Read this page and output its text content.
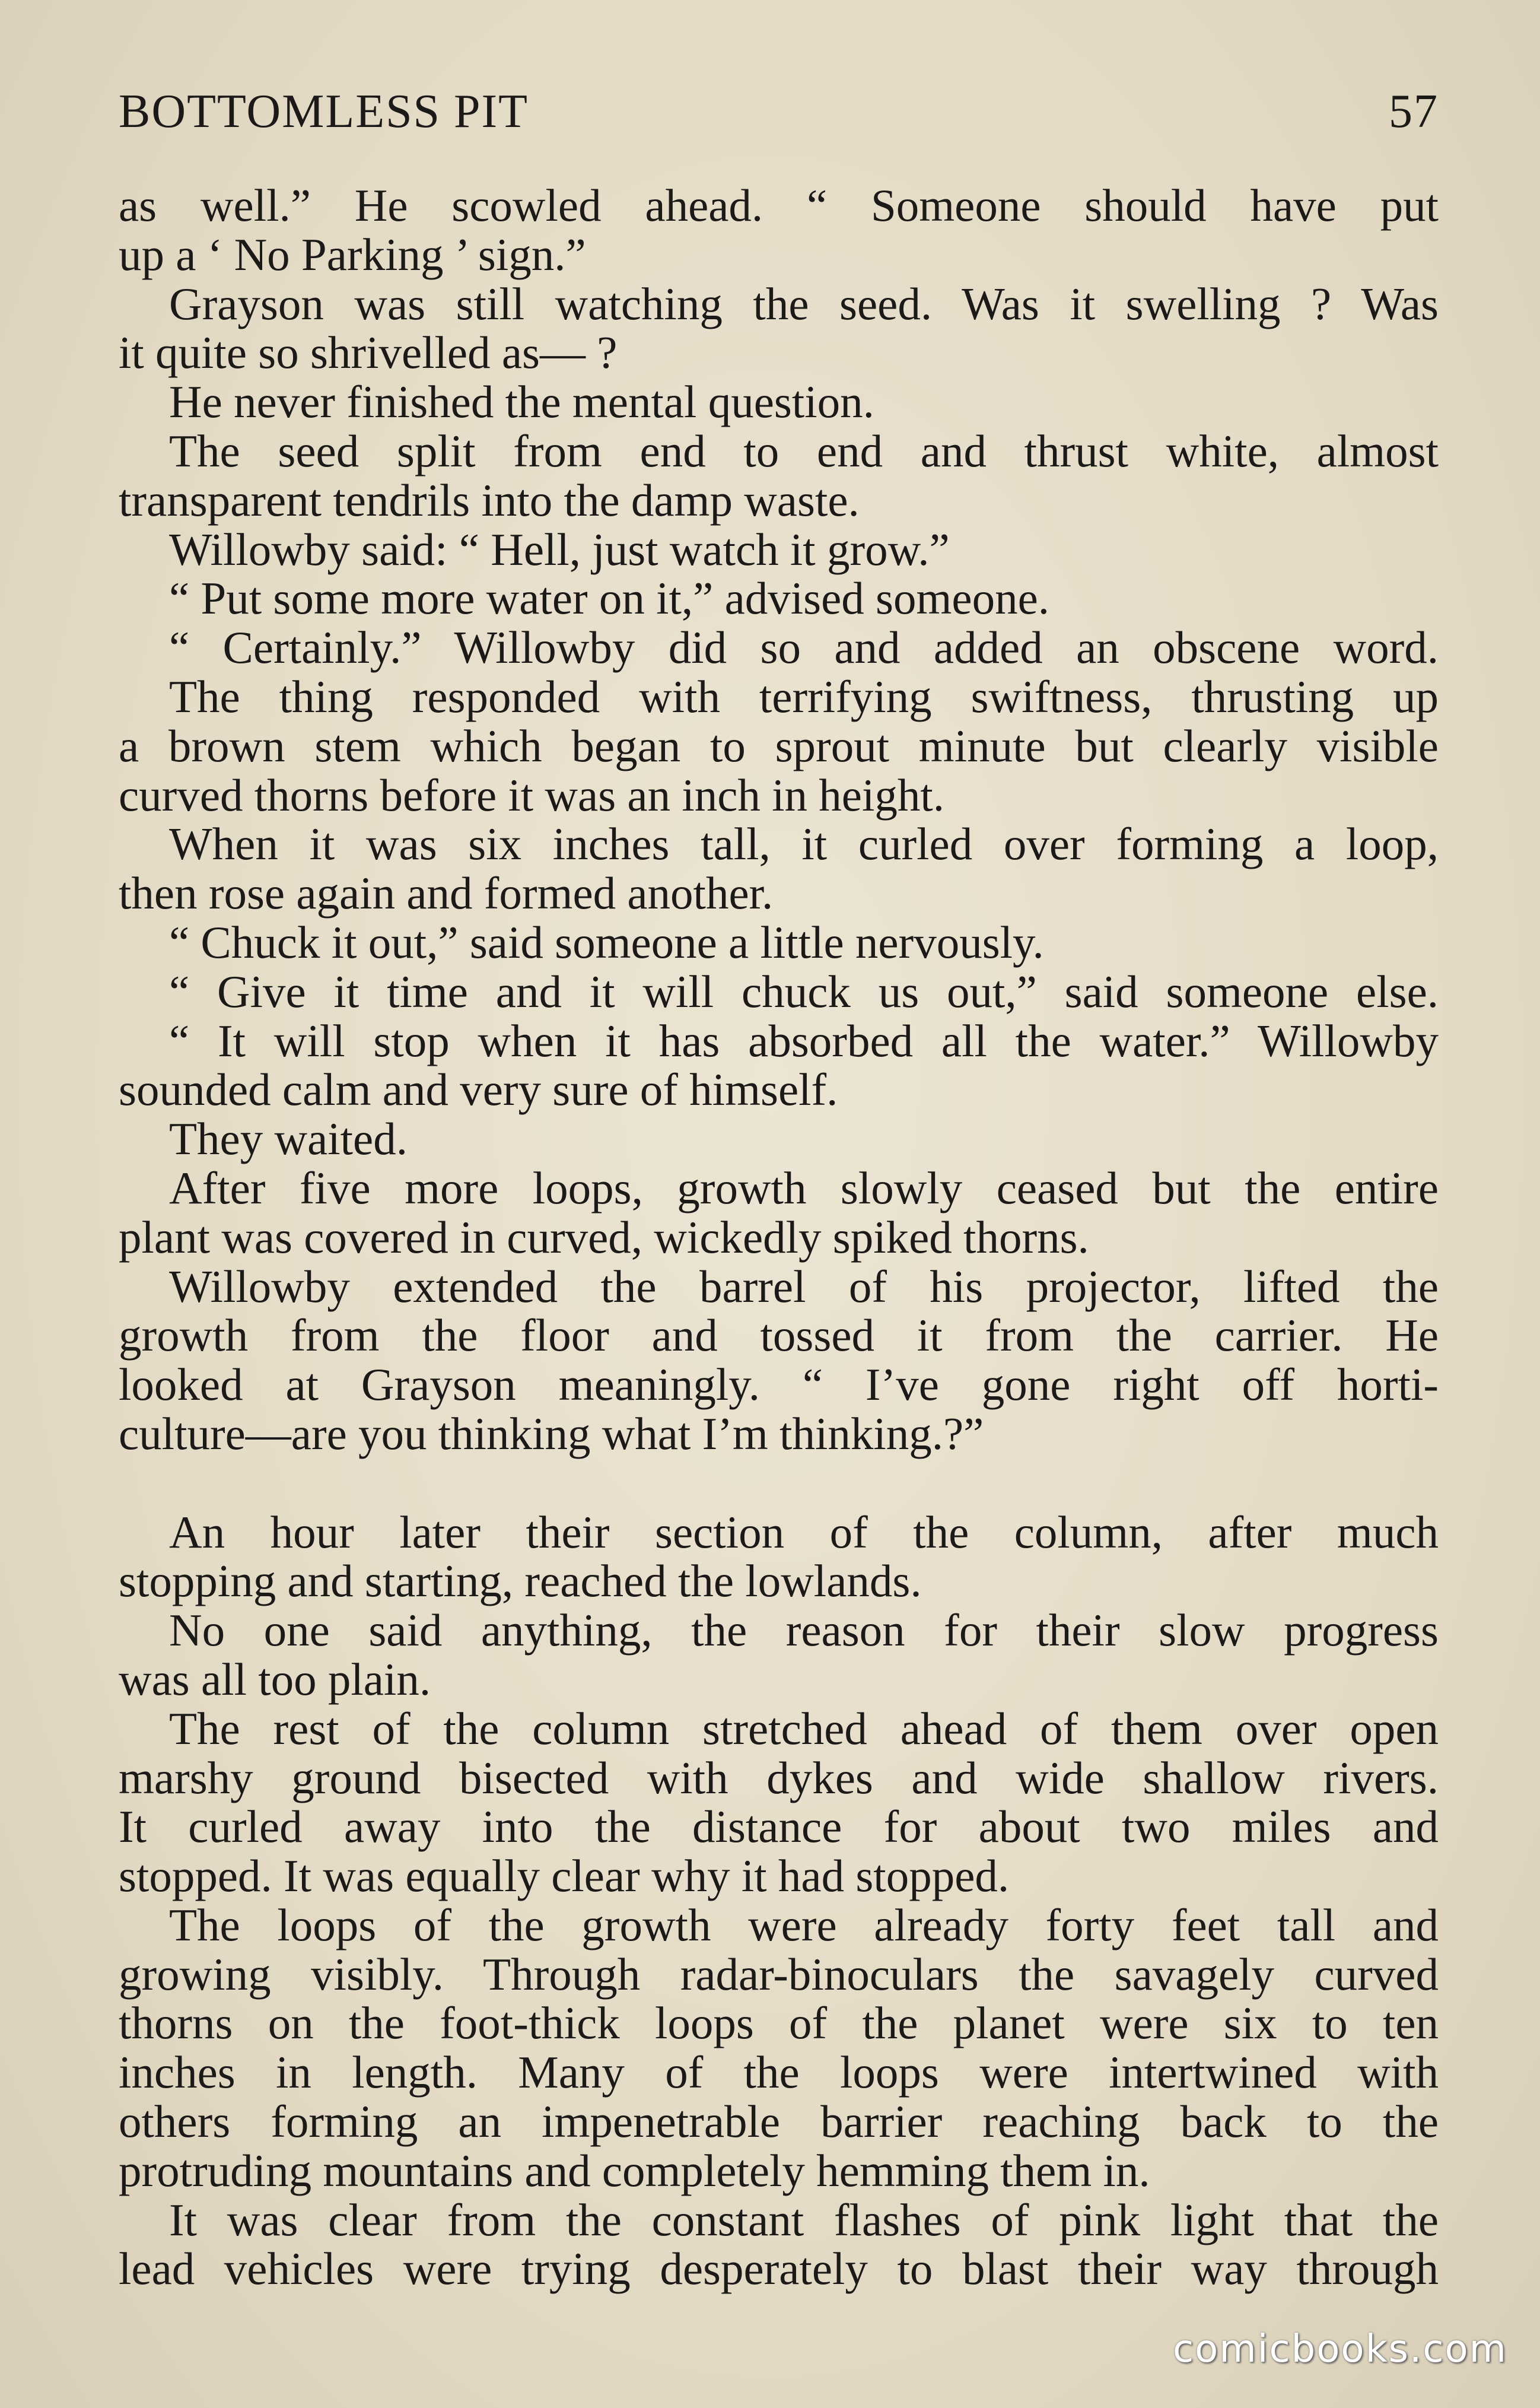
BOTTOMLESS PIT	57
as well.” He scowled ahead. “ Someone should have put
up a ‘ No Parking ’ sign.”
Grayson was still watching the seed. Was it swelling ? Was
it quite so shrivelled as— ?
He never finished the mental question.
The seed split from end to end and thrust white, almost
transparent tendrils into the damp waste.
Willowby said: “ Hell, just watch it grow.”
“ Put some more water on it,” advised someone.
“ Certainly.” Willowby did so and added an obscene word.
The thing responded with terrifying swiftness, thrusting up
a brown stem which began to sprout minute but clearly visible
curved thorns before it was an inch in height.
When it was six inches tall, it curled over forming a loop,
then rose again and formed another.
“ Chuck it out,” said someone a little nervously.
“ Give it time and it will chuck us out,” said someone else.
“ It will stop when it has absorbed all the water.” Willowby
sounded calm and very sure of himself.
They waited.
After five more loops, growth slowly ceased but the entire
plant was covered in curved, wickedly spiked thorns.
Willowby extended the barrel of his projector, lifted the
growth from the floor and tossed it from the carrier. He
looked at Grayson meaningly. “ I’ve gone right off horti-
culture—are you thinking what I’m thinking.?”
An hour later their section of the column, after much
stopping and starting, reached the lowlands.
No one said anything, the reason for their slow progress
was all too plain.
The rest of the column stretched ahead of them over open
marshy ground bisected with dykes and wide shallow rivers.
It curled away into the distance for about two miles and
stopped. It was equally clear why it had stopped.
The loops of the growth were already forty feet tall and
growing visibly. Through radar-binoculars the savagely curved
thorns on the foot-thick loops of the planet were six to ten
inches in length. Many of the loops were intertwined with
others forming an impenetrable barrier reaching back to the
protruding mountains and completely hemming them in.
It was clear from the constant flashes of pink light that the
lead vehicles were trying desperately to blast their way through
comicbooks.com
